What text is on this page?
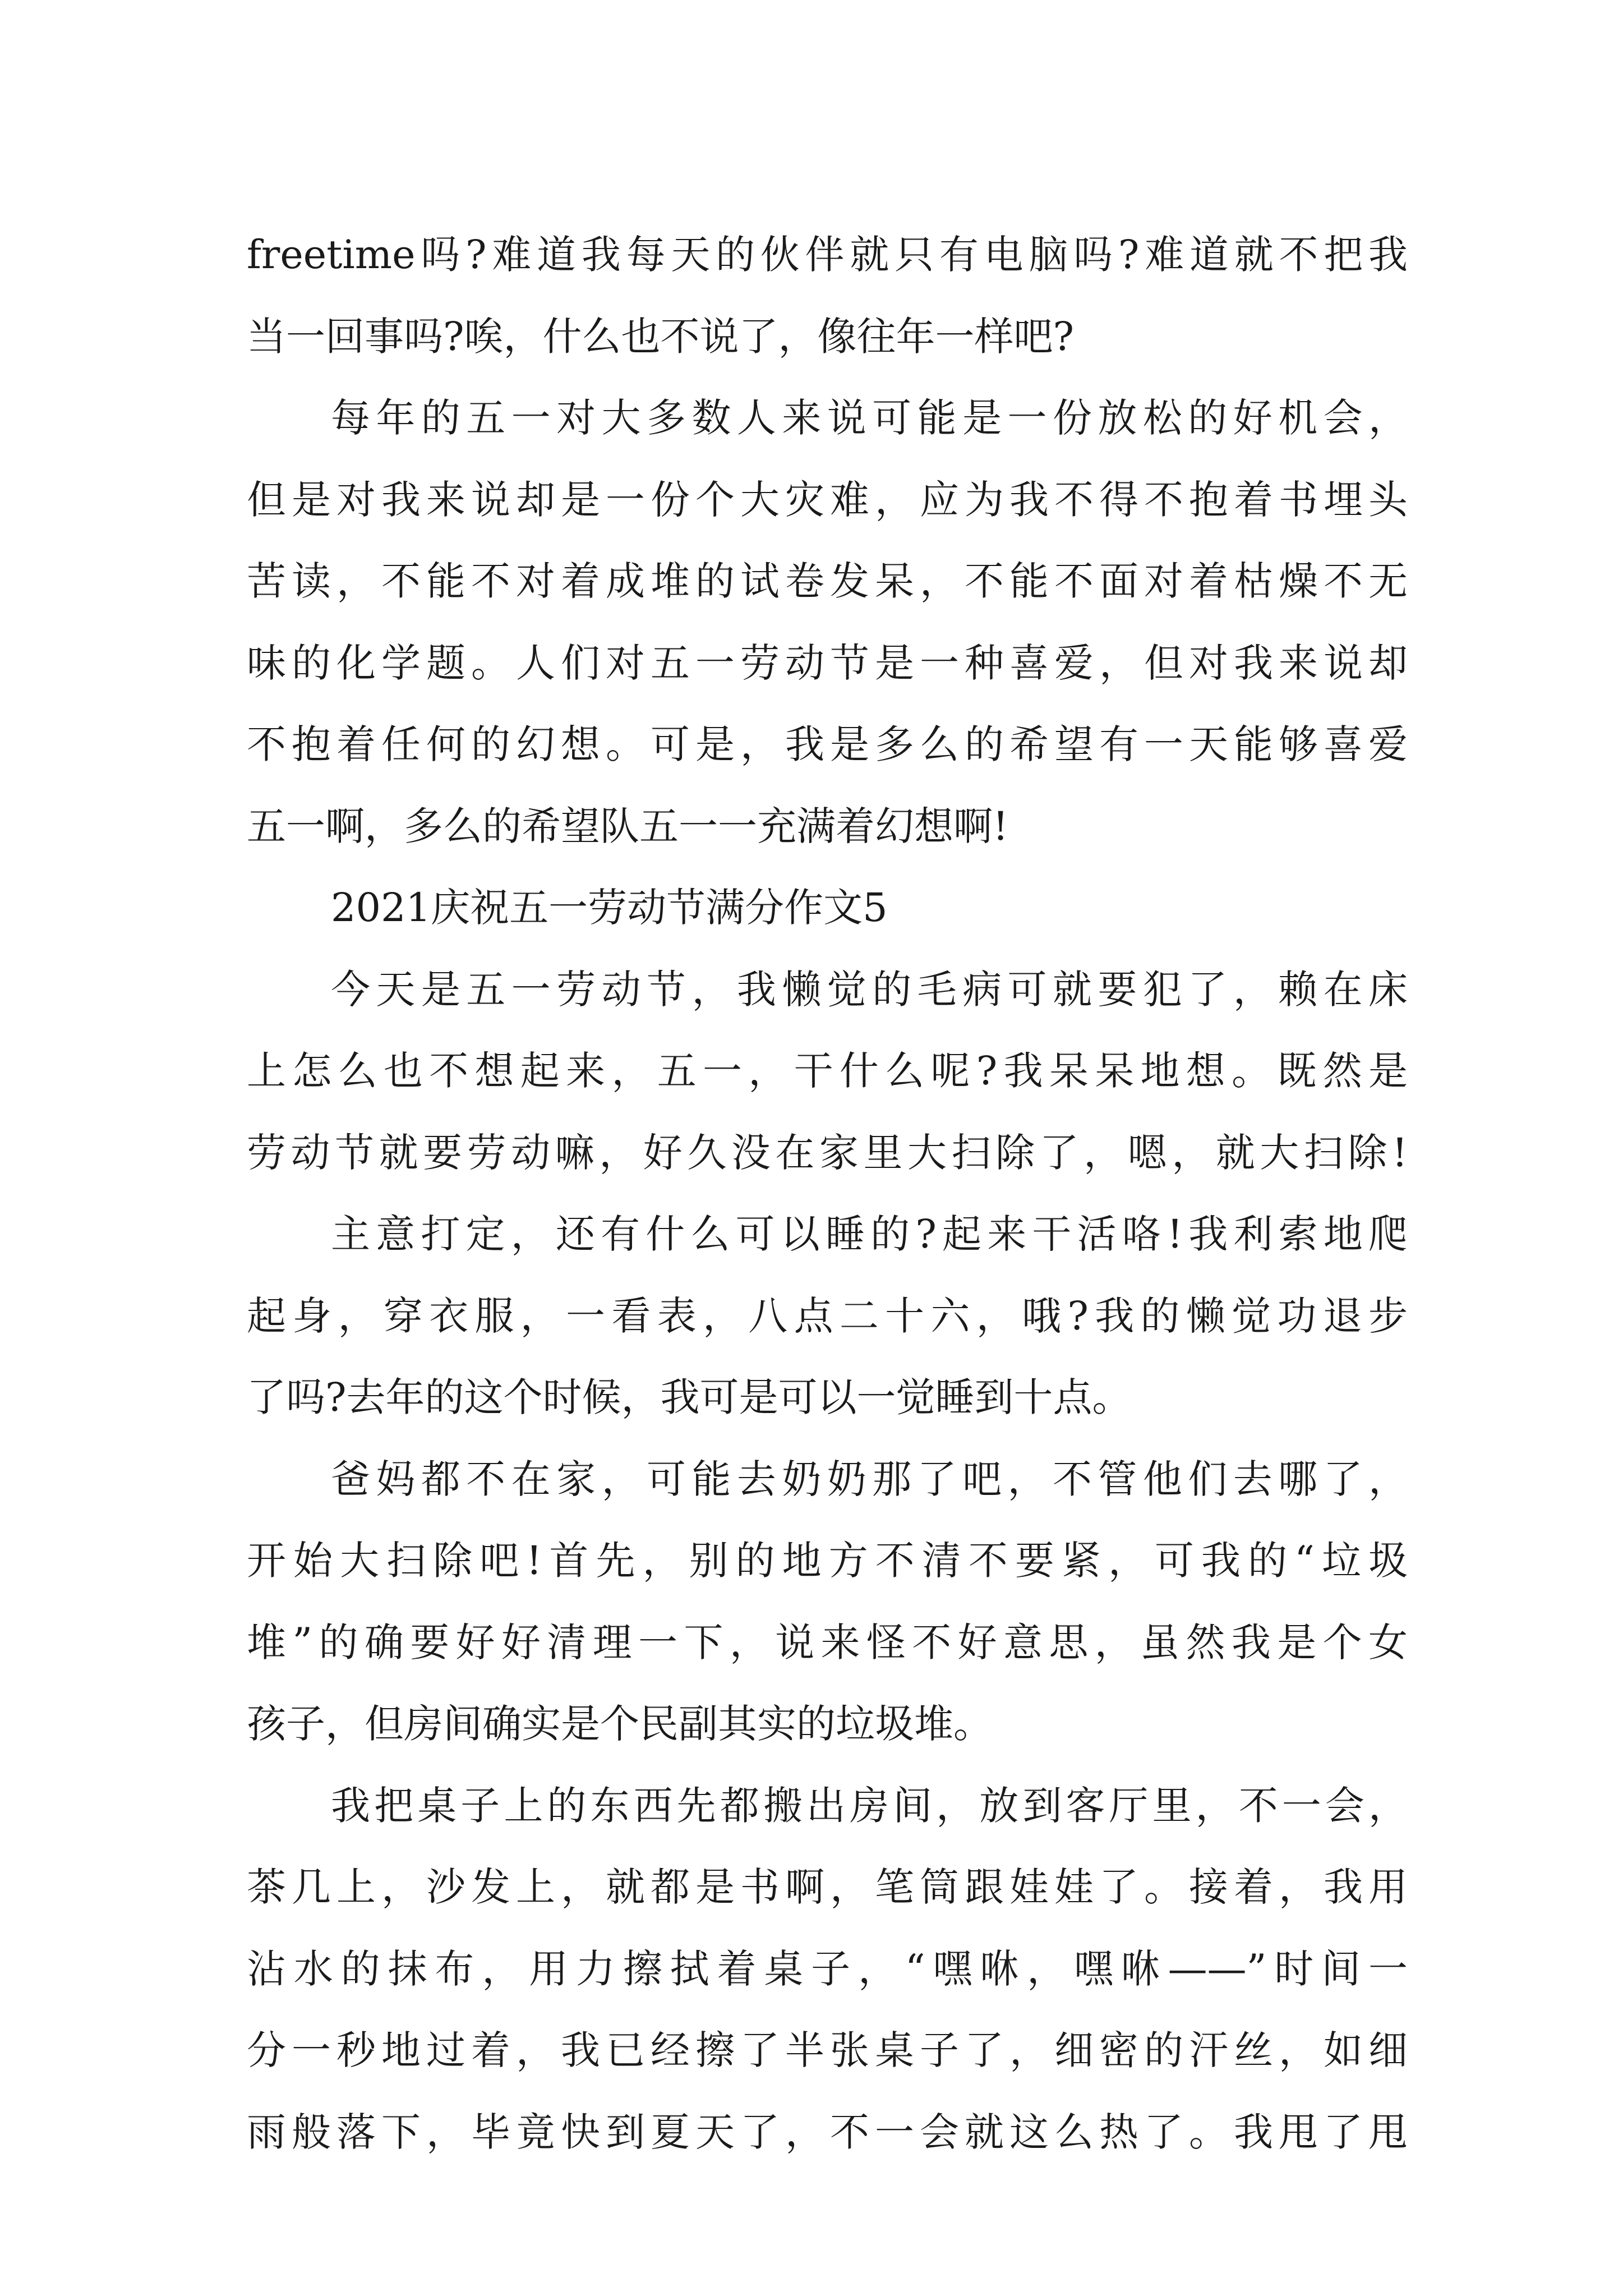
freetime吗?难道我每天的伙伴就只有电脑吗?难道就不把我

当一回事吗?唉，什么也不说了，像往年一样吧?

每年的五一对大多数人来说可能是一份放松的好机会，

但是对我来说却是一份个大灾难，应为我不得不抱着书埋头

苦读，不能不对着成堆的试卷发呆，不能不面对着枯燥不无

味的化学题。人们对五一劳动节是一种喜爱，但对我来说却

不抱着任何的幻想。可是，我是多么的希望有一天能够喜爱

五一啊，多么的希望队五一一充满着幻想啊!

2021庆祝五一劳动节满分作文5

今天是五一劳动节，我懒觉的毛病可就要犯了，赖在床

上怎么也不想起来，五一，干什么呢?我呆呆地想。既然是

劳动节就要劳动嘛，好久没在家里大扫除了，嗯，就大扫除!

主意打定，还有什么可以睡的?起来干活咯!我利索地爬

起身，穿衣服，一看表，八点二十六，哦?我的懒觉功退步

了吗?去年的这个时候，我可是可以一觉睡到十点。

爸妈都不在家，可能去奶奶那了吧，不管他们去哪了，

开始大扫除吧!首先，别的地方不清不要紧，可我的“垃圾

堆”的确要好好清理一下，说来怪不好意思，虽然我是个女

孩子，但房间确实是个民副其实的垃圾堆。

我把桌子上的东西先都搬出房间，放到客厅里，不一会，

茶几上，沙发上，就都是书啊，笔筒跟娃娃了。接着，我用

沾水的抹布，用力擦拭着桌子，“嘿咻，嘿咻——”时间一

分一秒地过着，我已经擦了半张桌子了，细密的汗丝，如细

雨般落下，毕竟快到夏天了，不一会就这么热了。我甩了甩
